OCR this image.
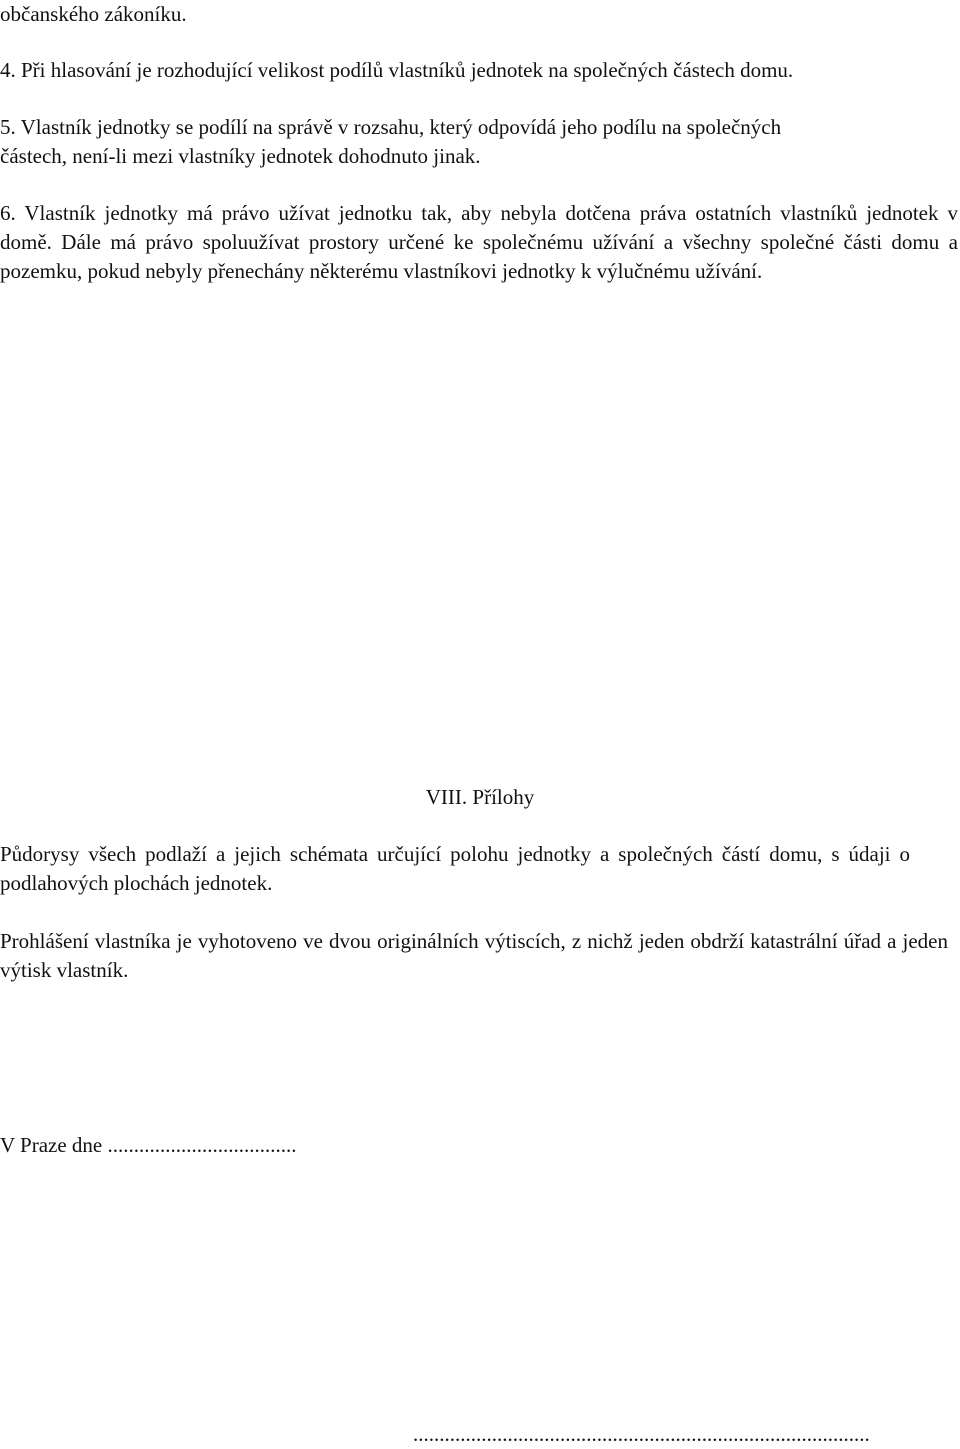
občanského zákoníku.
4. Při hlasování je rozhodující velikost podílů vlastníků jednotek na společných částech domu.
5. Vlastník jednotky se podílí na správě v rozsahu, který odpovídá jeho podílu na společných
částech, není-li mezi vlastníky jednotek dohodnuto jinak.
6. Vlastník jednotky má právo užívat jednotku tak, aby nebyla dotčena práva ostatních vlastníků jednotek v domě. Dále má právo spoluužívat prostory určené ke společnému užívání a všechny společné části domu a pozemku, pokud nebyly přenechány některému vlastníkovi jednotky k výlučnému užívání.
VIII. Přílohy
Půdorysy všech podlaží a jejich schémata určující polohu jednotky a společných částí domu, s údaji o podlahových plochách jednotek.
Prohlášení vlastníka je vyhotoveno ve dvou originálních výtiscích, z nichž jeden obdrží katastrální úřad a jeden výtisk vlastník.
V Praze dne ....................................
.......................................................................................
